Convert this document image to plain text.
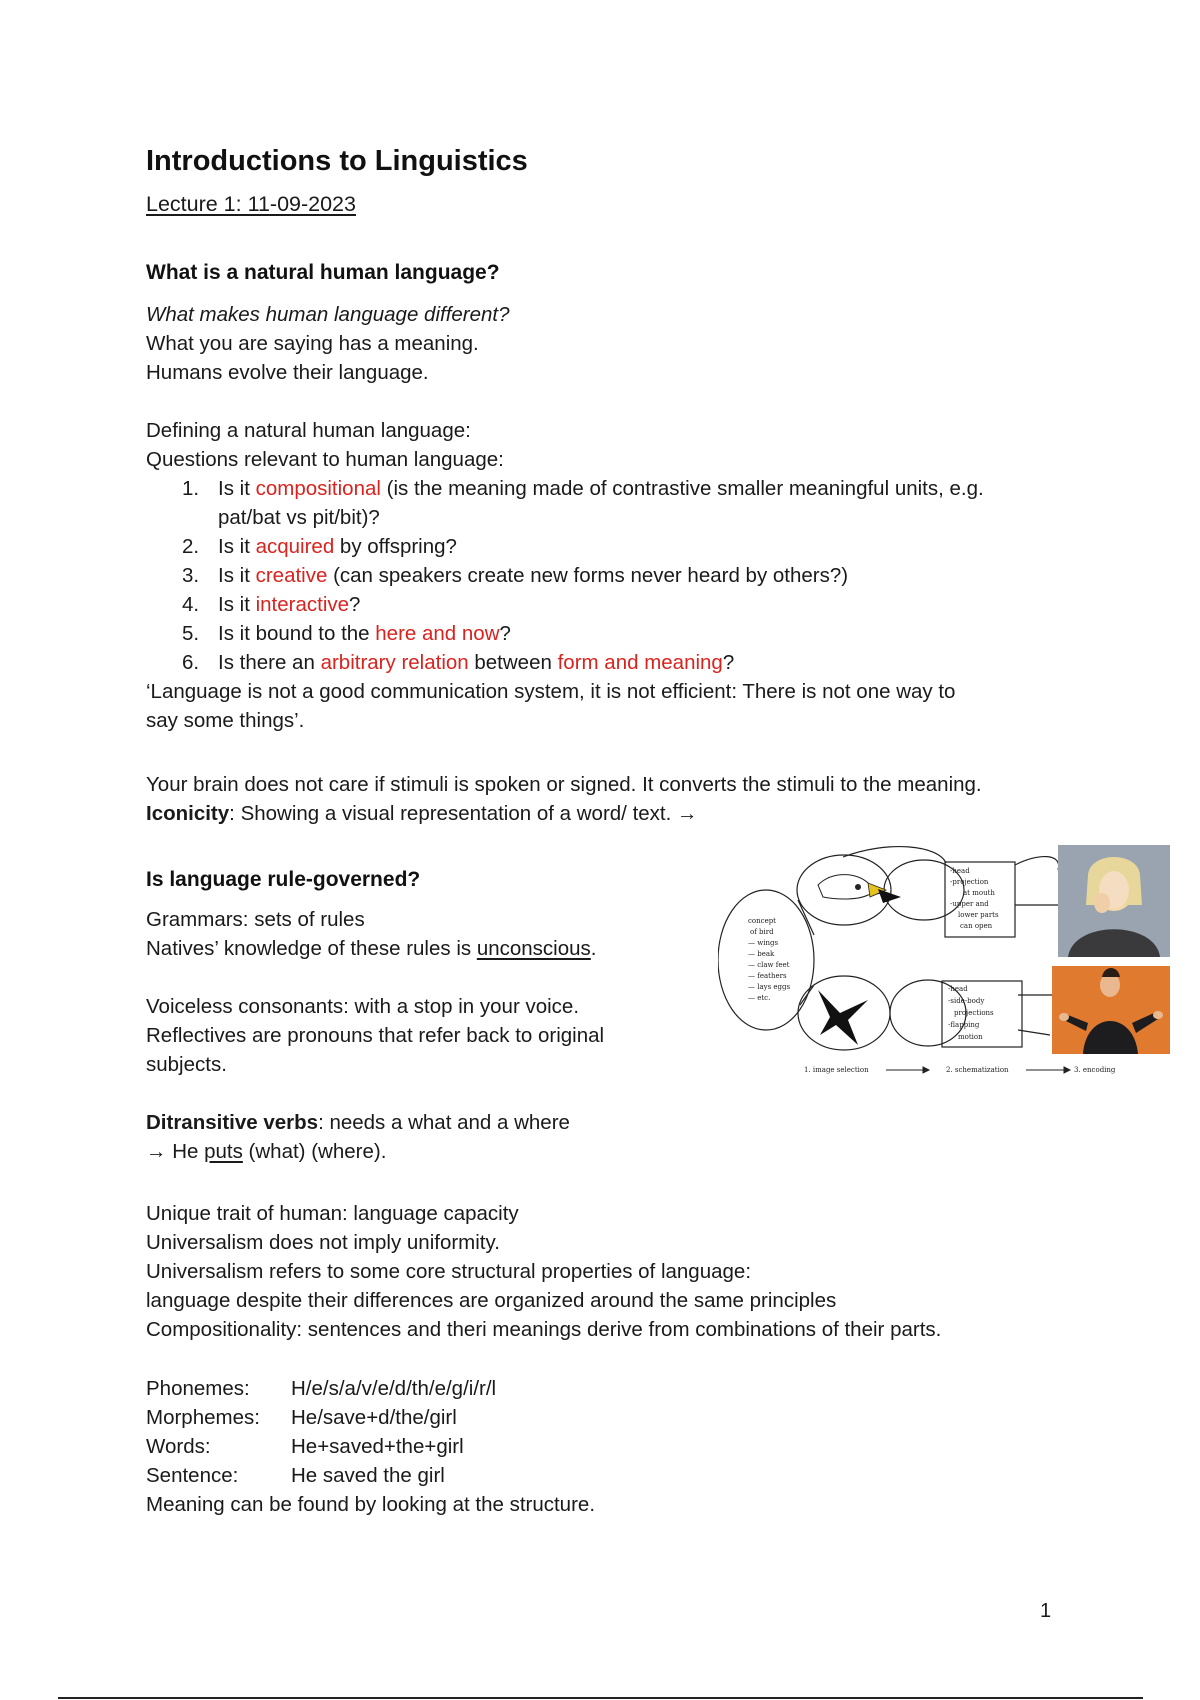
Introductions to Linguistics
Lecture 1: 11-09-2023
What is a natural human language?
What makes human language different?
What you are saying has a meaning.
Humans evolve their language.
Defining a natural human language:
Questions relevant to human language:
1. Is it compositional (is the meaning made of contrastive smaller meaningful units, e.g.
pat/bat vs pit/bit)?
2. Is it acquired by offspring?
3. Is it creative (can speakers create new forms never heard by others?)
4. Is it interactive?
5. Is it bound to the here and now?
6. Is there an arbitrary relation between form and meaning?
‘Language is not a good communication system, it is not efficient: There is not one way to
say some things’.
Your brain does not care if stimuli is spoken or signed. It converts the stimuli to the meaning.
Iconicity: Showing a visual representation of a word/ text. →
Is language rule-governed?
Grammars: sets of rules
Natives’ knowledge of these rules is unconscious.
Voiceless consonants: with a stop in your voice.
Reflectives are pronouns that refer back to original
subjects.
Ditransitive verbs: needs a what and a where
→ He puts (what) (where).
Unique trait of human: language capacity
Universalism does not imply uniformity.
Universalism refers to some core structural properties of language:
language despite their differences are organized around the same principles
Compositionality: sentences and theri meanings derive from combinations of their parts.
Phonemes:	H/e/s/a/v/e/d/th/e/g/i/r/l
Morphemes:	He/save+d/the/girl
Words:	He+saved+the+girl
Sentence:	He saved the girl
Meaning can be found by looking at the structure.
concept
of bird
— wings
— beak
— claw feet
— feathers
— lays eggs
— etc.
-head
-projection
at mouth
-upper and
lower parts
can open
-head
-side-body
projections
-flapping
motion
1. image selection	2. schematization	3. encoding
1
